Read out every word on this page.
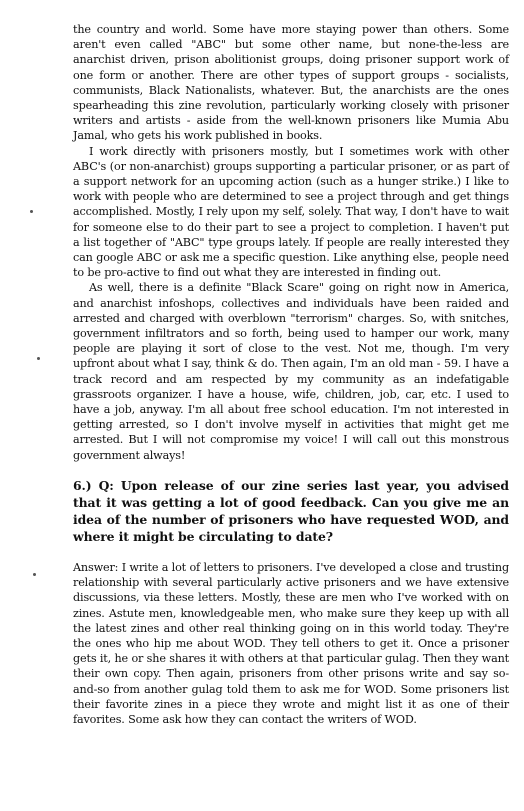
the country and world. Some have more staying power than others. Some aren't even called "ABC" but some other name, but none-the-less are anarchist driven, prison abolitionist groups, doing prisoner support work of one form or another. There are other types of support groups - socialists, communists, Black Nationalists, whatever. But, the anarchists are the ones spearheading this zine revolution, particularly working closely with prisoner writers and artists - aside from the well-known prisoners like Mumia Abu Jamal, who gets his work published in books.

I work directly with prisoners mostly, but I sometimes work with other ABC's (or non-anarchist) groups supporting a particular prisoner, or as part of a support network for an upcoming action (such as a hunger strike.) I like to work with people who are determined to see a project through and get things accomplished. Mostly, I rely upon my self, solely. That way, I don't have to wait for someone else to do their part to see a project to completion. I haven't put a list together of "ABC" type groups lately. If people are really interested they can google ABC or ask me a specific question. Like anything else, people need to be pro-active to find out what they are interested in finding out.

As well, there is a definite "Black Scare" going on right now in America, and anarchist infoshops, collectives and individuals have been raided and arrested and charged with overblown "terrorism" charges. So, with snitches, government infiltrators and so forth, being used to hamper our work, many people are playing it sort of close to the vest. Not me, though. I'm very upfront about what I say, think & do. Then again, I'm an old man - 59. I have a track record and am respected by my community as an indefatigable grassroots organizer. I have a house, wife, children, job, car, etc. I used to have a job, anyway. I'm all about free school education. I'm not interested in getting arrested, so I don't involve myself in activities that might get me arrested. But I will not compromise my voice! I will call out this monstrous government always!

6.) Q: Upon release of our zine series last year, you advised that it was getting a lot of good feedback. Can you give me an idea of the number of prisoners who have requested WOD, and where it might be circulating to date?

Answer: I write a lot of letters to prisoners. I've developed a close and trusting relationship with several particularly active prisoners and we have extensive discussions, via these letters. Mostly, these are men who I've worked with on zines. Astute men, knowledgeable men, who make sure they keep up with all the latest zines and other real thinking going on in this world today. They're the ones who hip me about WOD. They tell others to get it. Once a prisoner gets it, he or she shares it with others at that particular gulag. Then they want their own copy. Then again, prisoners from other prisons write and say so-and-so from another gulag told them to ask me for WOD. Some prisoners list their favorite zines in a piece they wrote and might list it as one of their favorites. Some ask how they can contact the writers of WOD.
